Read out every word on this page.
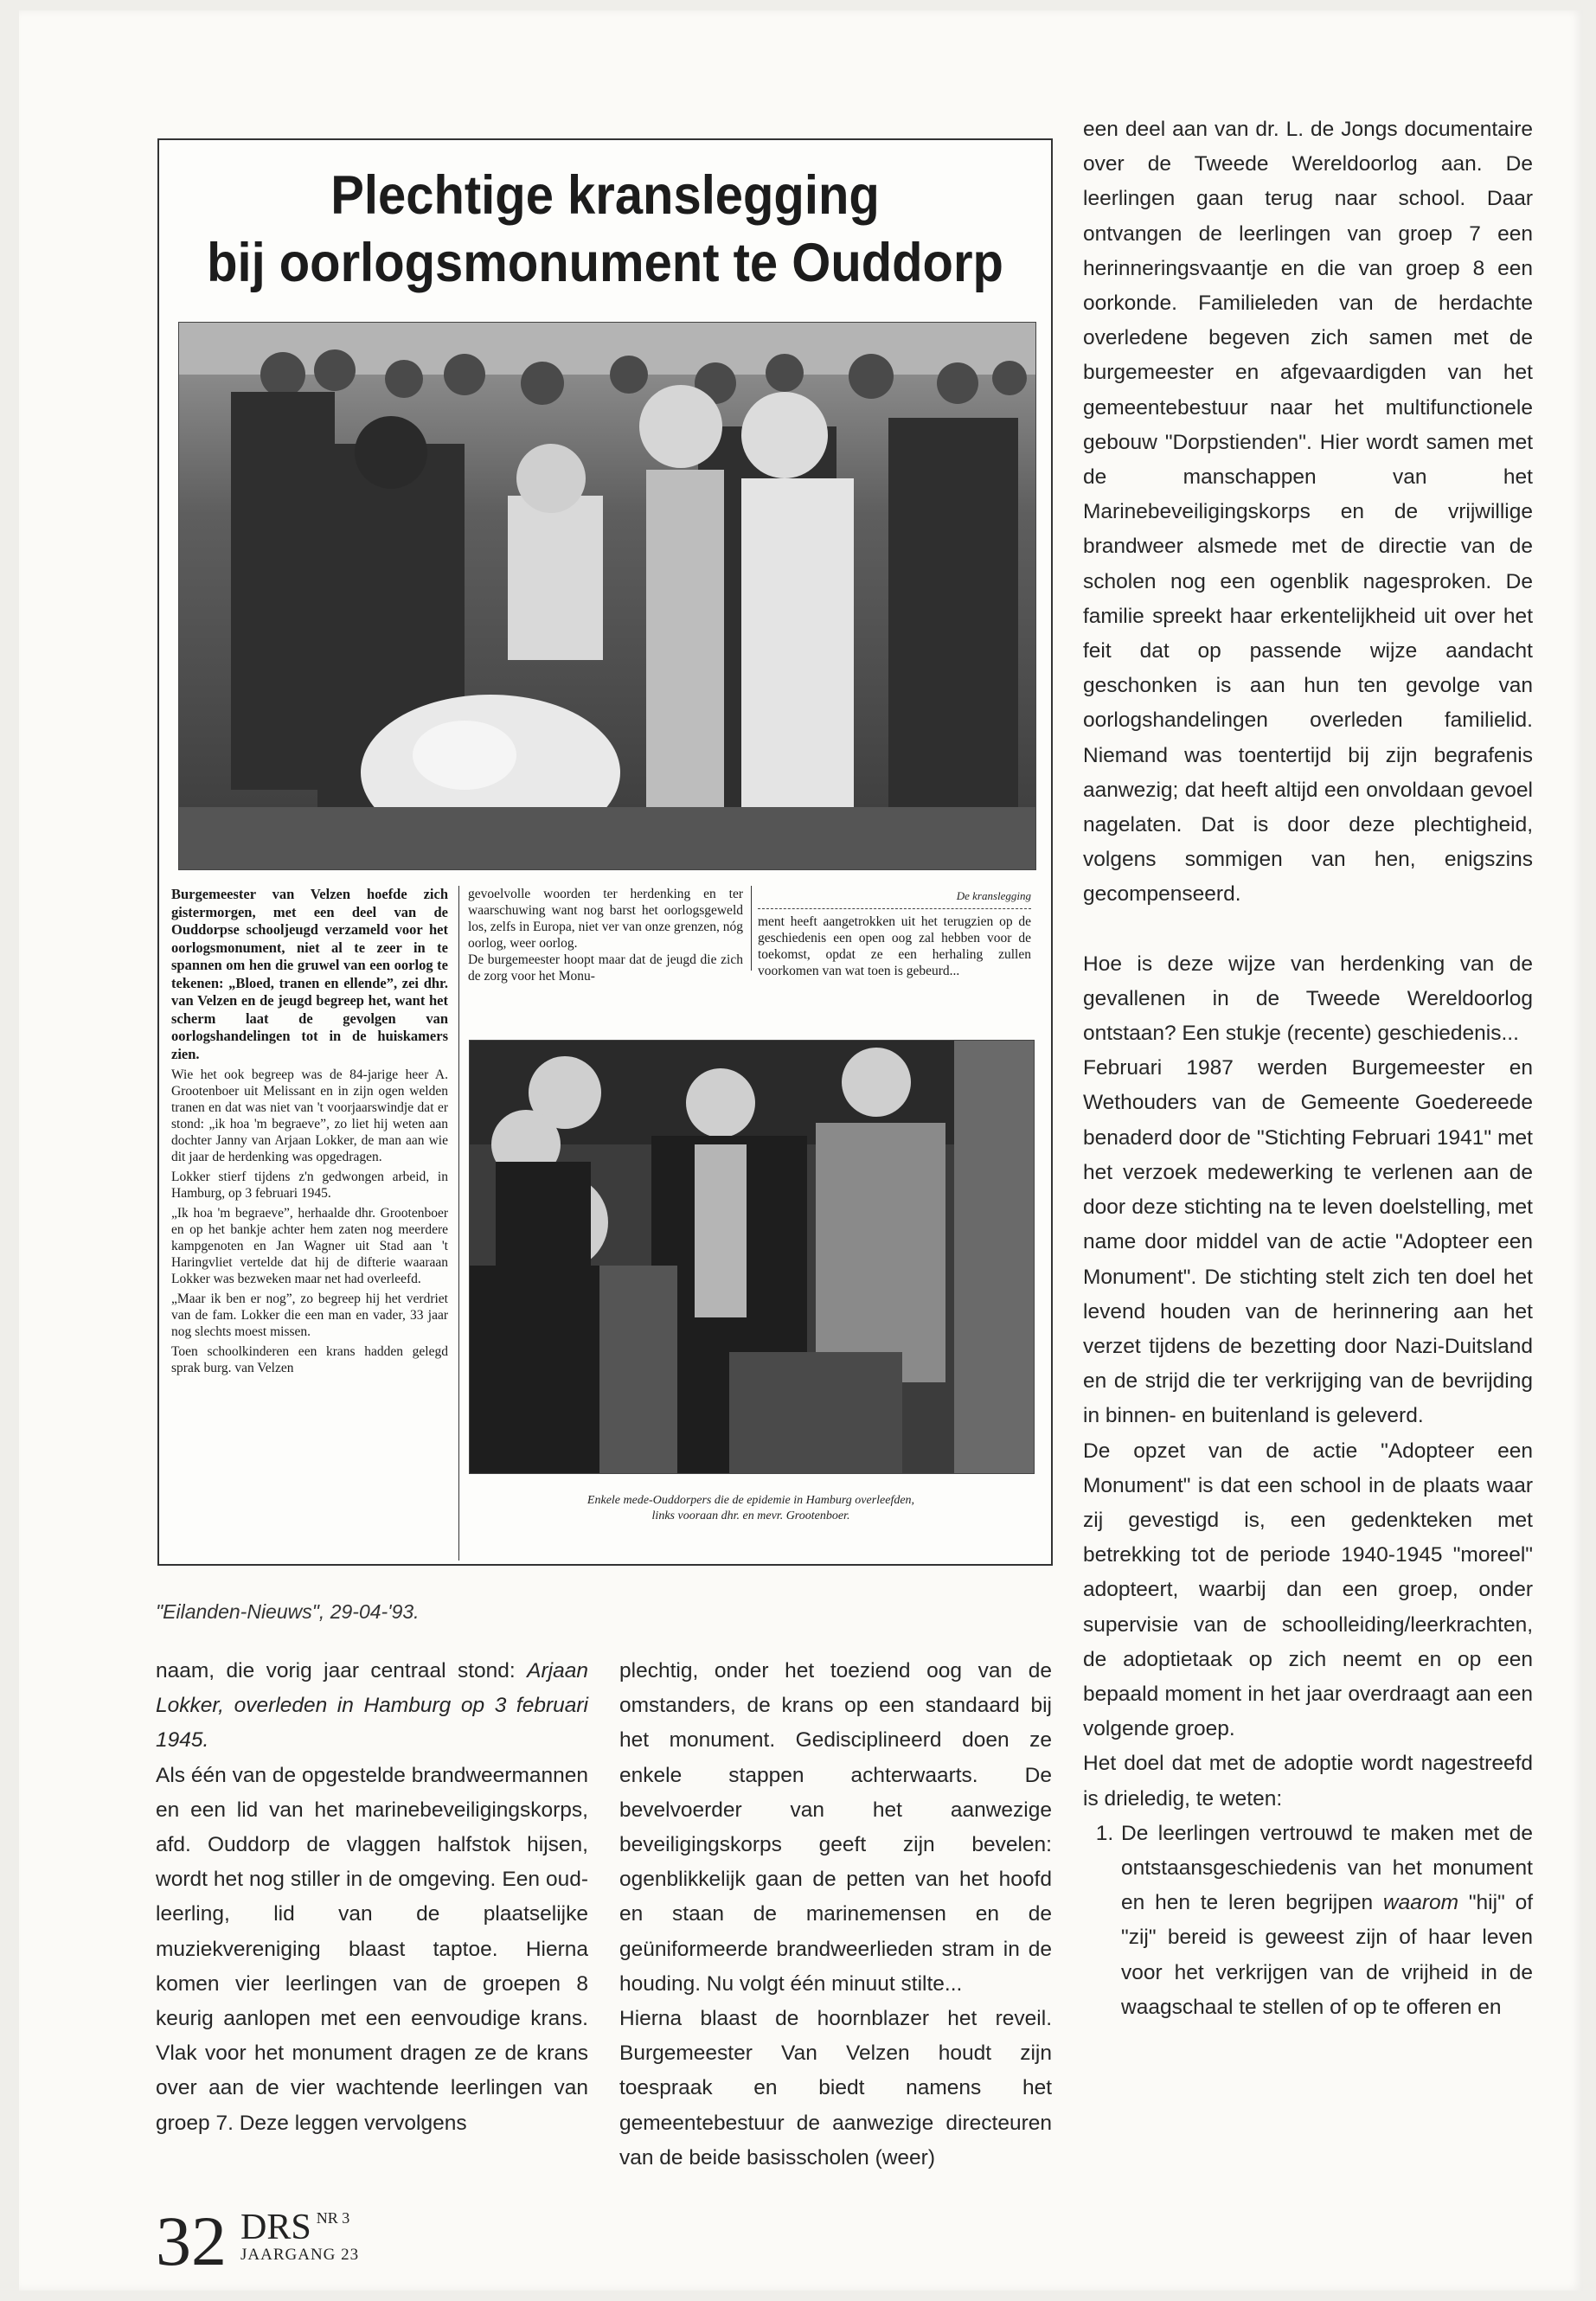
Plechtige kranslegging
bij oorlogsmonument te Ouddorp

Burgemeester van Velzen hoefde zich gistermorgen, met een deel van de Ouddorpse schooljeugd verzameld voor het oorlogsmonument, niet al te zeer in te spannen om hen die gruwel van een oorlog te tekenen: „Bloed, tranen en ellende”, zei dhr. van Velzen en de jeugd begreep het, want het scherm laat de gevolgen van oorlogshandelingen tot in de huiskamers zien.

Wie het ook begreep was de 84-jarige heer A. Grootenboer uit Melissant en in zijn ogen welden tranen en dat was niet van 't voorjaarswindje dat er stond: „ik hoa 'm begraeve”, zo liet hij weten aan dochter Janny van Arjaan Lokker, de man aan wie dit jaar de herdenking was opgedragen.

Lokker stierf tijdens z'n gedwongen arbeid, in Hamburg, op 3 februari 1945.

„Ik hoa 'm begraeve”, herhaalde dhr. Grootenboer en op het bankje achter hem zaten nog meerdere kampgenoten en Jan Wagner uit Stad aan 't Haringvliet vertelde dat hij de difterie waaraan Lokker was bezweken maar net had overleefd.

„Maar ik ben er nog”, zo begreep hij het verdriet van de fam. Lokker die een man en vader, 33 jaar nog slechts moest missen.

Toen schoolkinderen een krans hadden gelegd sprak burg. van Velzen

gevoelvolle woorden ter herdenking en ter waarschuwing want nog barst het oorlogsgeweld los, zelfs in Europa, niet ver van onze grenzen, nóg oorlog, weer oorlog.

De burgemeester hoopt maar dat de jeugd die zich de zorg voor het Monu-

De kranslegging

ment heeft aangetrokken uit het terugzien op de geschiedenis een open oog zal hebben voor de toekomst, opdat ze een herhaling zullen voorkomen van wat toen is gebeurd...

Enkele mede-Ouddorpers die de epidemie in Hamburg overleefden,
links vooraan dhr. en mevr. Grootenboer.
"Eilanden-Nieuws", 29-04-'93.

een deel aan van dr. L. de Jongs documentaire over de Tweede Wereldoorlog aan. De leerlingen gaan terug naar school. Daar ontvangen de leerlingen van groep 7 een herinneringsvaantje en die van groep 8 een oorkonde. Familieleden van de herdachte overledene begeven zich samen met de burgemeester en afgevaardigden van het gemeentebestuur naar het multifunctionele gebouw "Dorpstienden". Hier wordt samen met de manschappen van het Marinebeveiligingskorps en de vrijwillige brandweer alsmede met de directie van de scholen nog een ogenblik nagesproken. De familie spreekt haar erkentelijkheid uit over het feit dat op passende wijze aandacht geschonken is aan hun ten gevolge van oorlogshandelingen overleden familielid. Niemand was toentertijd bij zijn begrafenis aanwezig; dat heeft altijd een onvoldaan gevoel nagelaten. Dat is door deze plechtigheid, volgens sommigen van hen, enigszins gecompenseerd.

Hoe is deze wijze van herdenking van de gevallenen in de Tweede Wereldoorlog ontstaan? Een stukje (recente) geschiedenis...

Februari 1987 werden Burgemeester en Wethouders van de Gemeente Goedereede benaderd door de "Stichting Februari 1941" met het verzoek medewerking te verlenen aan de door deze stichting na te leven doelstelling, met name door middel van de actie "Adopteer een Monument". De stichting stelt zich ten doel het levend houden van de herinnering aan het verzet tijdens de bezetting door Nazi-Duitsland en de strijd die ter verkrijging van de bevrijding in binnen- en buitenland is geleverd.

De opzet van de actie "Adopteer een Monument" is dat een school in de plaats waar zij gevestigd is, een gedenkteken met betrekking tot de periode 1940-1945 "moreel" adopteert, waarbij dan een groep, onder supervisie van de schoolleiding/leerkrachten, de adoptietaak op zich neemt en op een bepaald moment in het jaar overdraagt aan een volgende groep.

Het doel dat met de adoptie wordt nagestreefd is drieledig, te weten:

1. De leerlingen vertrouwd te maken met de ontstaansgeschiedenis van het monument en hen te leren begrijpen waarom "hij" of "zij" bereid is geweest zijn of haar leven voor het verkrijgen van de vrijheid in de waagschaal te stellen of op te offeren en

naam, die vorig jaar centraal stond: Arjaan Lokker, overleden in Hamburg op 3 februari 1945.

Als één van de opgestelde brandweermannen en een lid van het marinebeveiligingskorps, afd. Ouddorp de vlaggen halfstok hijsen, wordt het nog stiller in de omgeving. Een oud-leerling, lid van de plaatselijke muziekvereniging blaast taptoe. Hierna komen vier leerlingen van de groepen 8 keurig aanlopen met een eenvoudige krans. Vlak voor het monument dragen ze de krans over aan de vier wachtende leerlingen van groep 7. Deze leggen vervolgens

plechtig, onder het toeziend oog van de omstanders, de krans op een standaard bij het monument. Gedisciplineerd doen ze enkele stappen achterwaarts. De bevelvoerder van het aanwezige beveiligingskorps geeft zijn bevelen: ogenblikkelijk gaan de petten van het hoofd en staan de marinemensen en de geüniformeerde brandweerlieden stram in de houding. Nu volgt één minuut stilte...

Hierna blaast de hoornblazer het reveil. Burgemeester Van Velzen houdt zijn toespraak en biedt namens het gemeentebestuur de aanwezige directeuren van de beide basisscholen (weer)

32 DRS NR 3
JAARGANG 23
